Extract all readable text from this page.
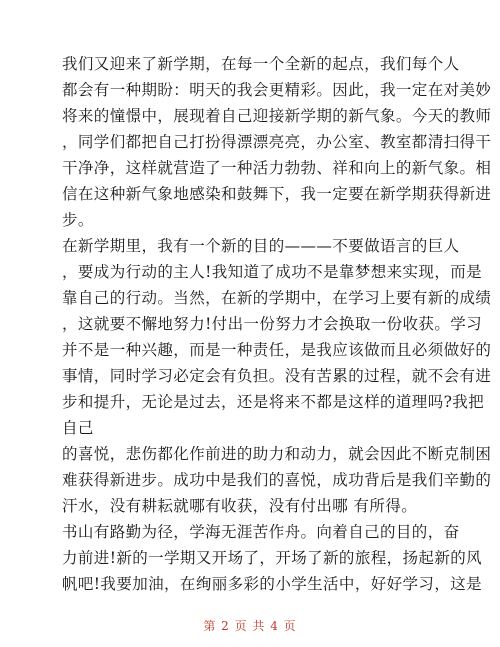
我们又迎来了新学期，在每一个全新的起点，我们每个人
都会有一种期盼：明天的我会更精彩。因此，我一定在对美妙
将来的憧憬中，展现着自己迎接新学期的新气象。今天的教师
，同学们都把自己打扮得漂漂亮亮，办公室、教室都清扫得干
干净净，这样就营造了一种活力勃勃、祥和向上的新气象。相
信在这种新气象地感染和鼓舞下，我一定要在新学期获得新进
步。
在新学期里，我有一个新的目的———不要做语言的巨人
，要成为行动的主人!我知道了成功不是靠梦想来实现，而是
靠自己的行动。当然，在新的学期中，在学习上要有新的成绩
，这就要不懈地努力!付出一份努力才会换取一份收获。学习
并不是一种兴趣，而是一种责任，是我应该做而且必须做好的
事情，同时学习必定会有负担。没有苦累的过程，就不会有进
步和提升，无论是过去，还是将来不都是这样的道理吗?我把
自己
的喜悦，悲伤都化作前进的助力和动力，就会因此不断克制困
难获得新进步。成功中是我们的喜悦，成功背后是我们辛勤的
汗水，没有耕耘就哪有收获，没有付出哪 有所得。
书山有路勤为径，学海无涯苦作舟。向着自己的目的，奋
力前进!新的一学期又开场了，开场了新的旅程，扬起新的风
帆吧!我要加油，在绚丽多彩的小学生活中，好好学习，这是
第 2 页 共 4 页
